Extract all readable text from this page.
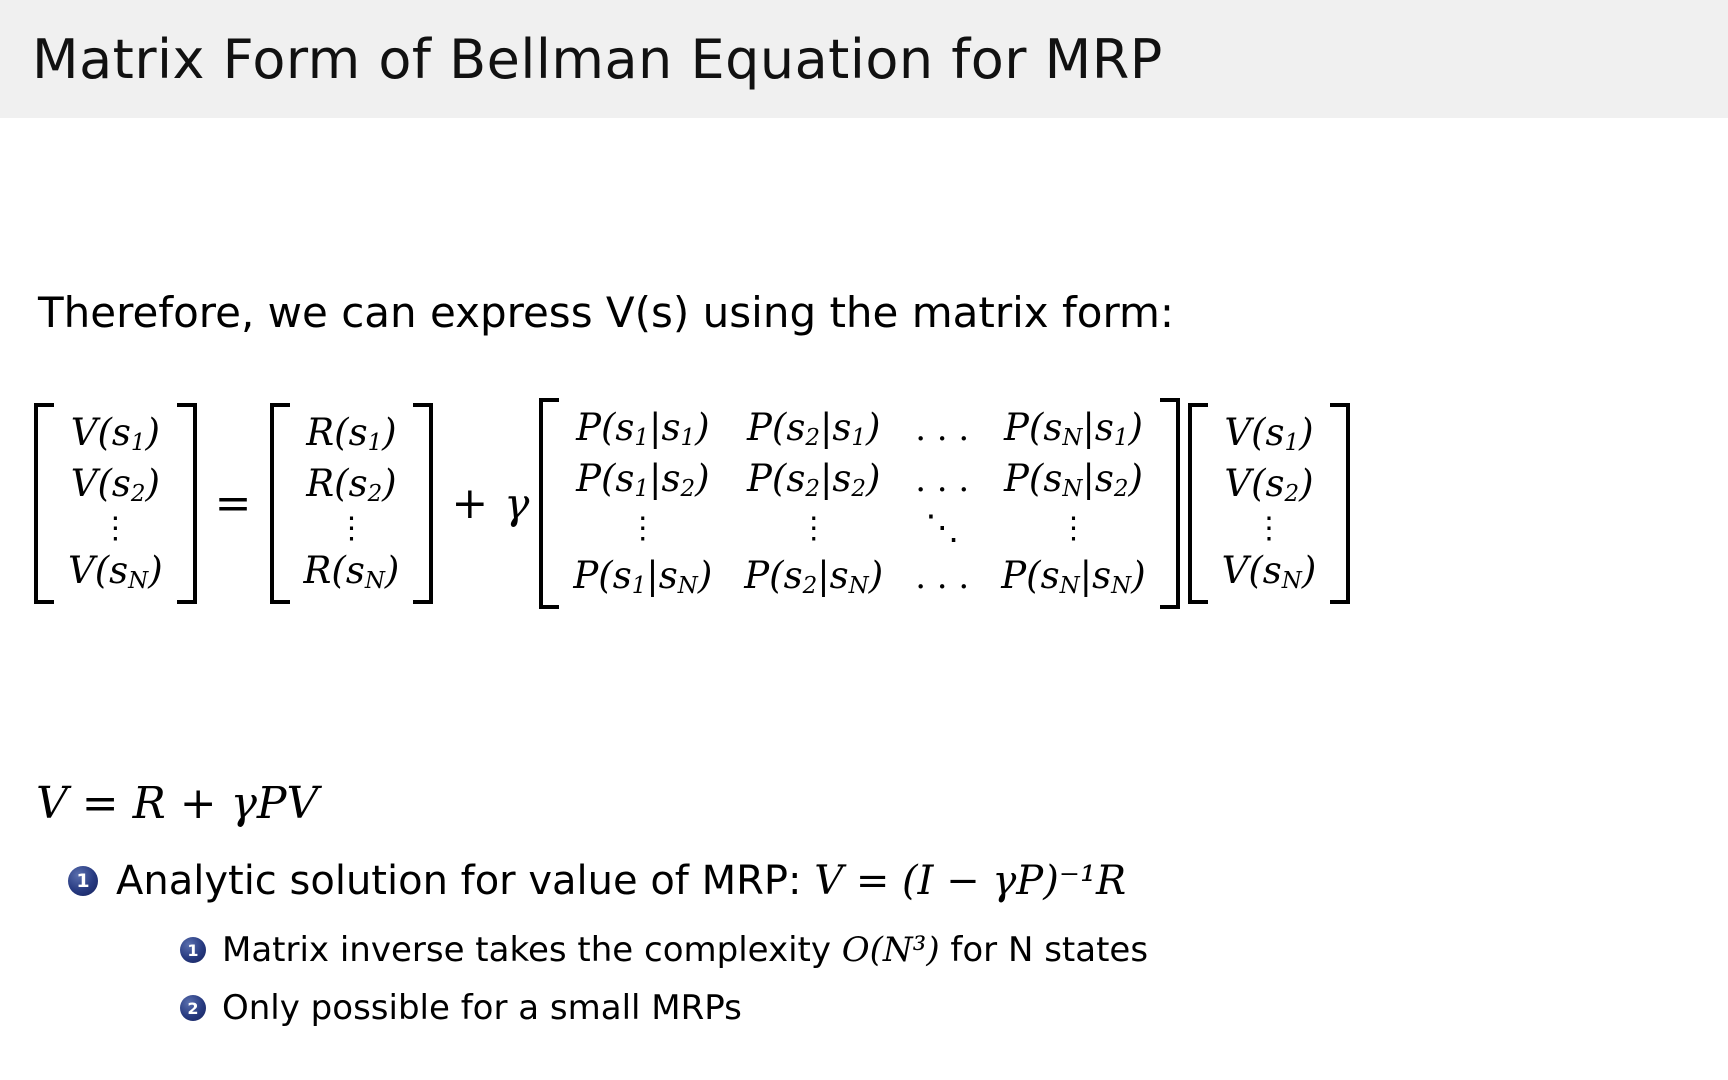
Matrix Form of Bellman Equation for MRP
Therefore, we can express V(s) using the matrix form:
$V(s_1)$
$V(s_2)$
⋮
$V(s_N)$
=
$R(s_1)$
$R(s_2)$
⋮
$R(s_N)$
+ γ
$P(s_1|s_1)$	$P(s_2|s_1)$	. . .	$P(s_N|s_1)$
$P(s_1|s_2)$	$P(s_2|s_2)$	. . .	$P(s_N|s_2)$
⋮	⋮	⋱	⋮
$P(s_1|s_N)$	$P(s_2|s_N)$	. . .	$P(s_N|s_N)$
$V(s_1)$
$V(s_2)$
⋮
$V(s_N)$
V = R + γPV
1 Analytic solution for value of MRP: V = (I − γP)⁻¹R
1 Matrix inverse takes the complexity O(N³) for N states
2 Only possible for a small MRPs
